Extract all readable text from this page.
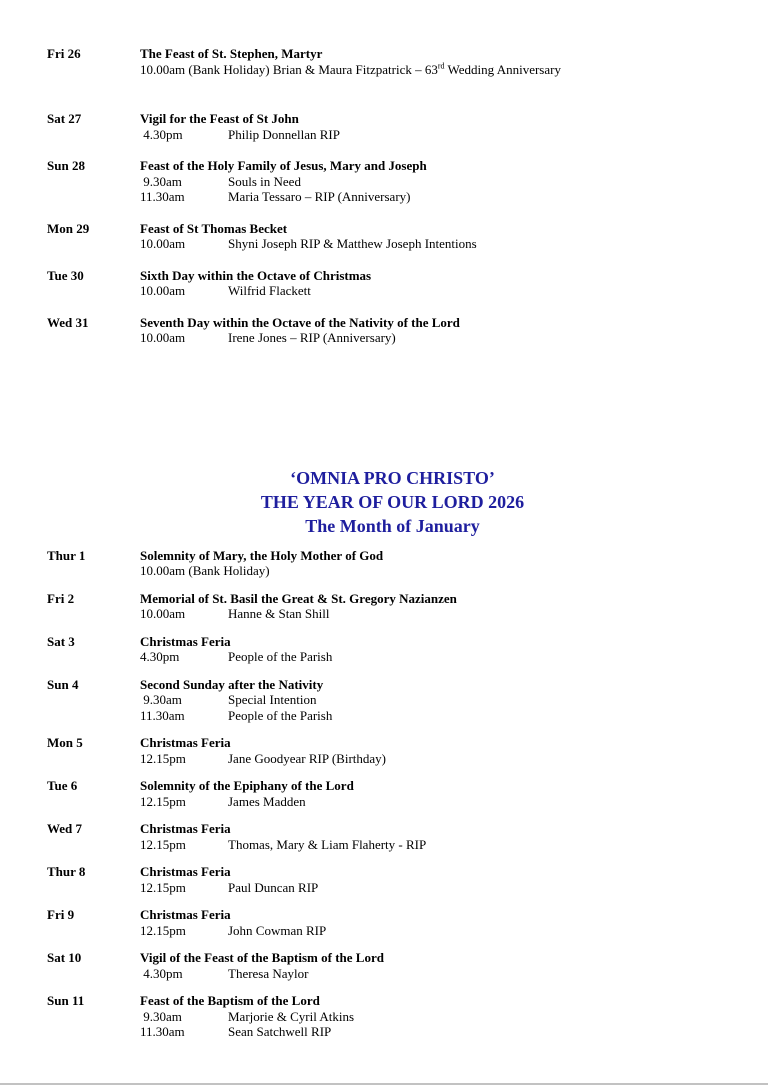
Fri 26	The Feast of St. Stephen, Martyr
10.00am (Bank Holiday) Brian & Maura Fitzpatrick – 63rd Wedding Anniversary
Sat 27	Vigil for the Feast of St John
4.30pm	Philip Donnellan RIP
Sun 28	Feast of the Holy Family of Jesus, Mary and Joseph
9.30am	Souls in Need
11.30am	Maria Tessaro – RIP (Anniversary)
Mon 29	Feast of St Thomas Becket
10.00am	Shyni Joseph RIP & Matthew Joseph Intentions
Tue 30	Sixth Day within the Octave of Christmas
10.00am	Wilfrid Flackett
Wed 31	Seventh Day within the Octave of the Nativity of the Lord
10.00am	Irene Jones – RIP (Anniversary)
‘OMNIA PRO CHRISTO’
THE YEAR OF OUR LORD 2026
The Month of January
Thur 1	Solemnity of Mary, the Holy Mother of God
10.00am (Bank Holiday)
Fri 2	Memorial of St. Basil the Great & St. Gregory Nazianzen
10.00am	Hanne & Stan Shill
Sat 3	Christmas Feria
4.30pm	People of the Parish
Sun 4	Second Sunday after the Nativity
9.30am	Special Intention
11.30am	People of the Parish
Mon 5	Christmas Feria
12.15pm	Jane Goodyear RIP (Birthday)
Tue 6	Solemnity of the Epiphany of the Lord
12.15pm	James Madden
Wed 7	Christmas Feria
12.15pm	Thomas, Mary & Liam Flaherty - RIP
Thur 8	Christmas Feria
12.15pm	Paul Duncan RIP
Fri 9	Christmas Feria
12.15pm	John Cowman RIP
Sat 10	Vigil of the Feast of the Baptism of the Lord
4.30pm	Theresa Naylor
Sun 11	Feast of the Baptism of the Lord
9.30am	Marjorie & Cyril Atkins
11.30am	Sean Satchwell RIP
